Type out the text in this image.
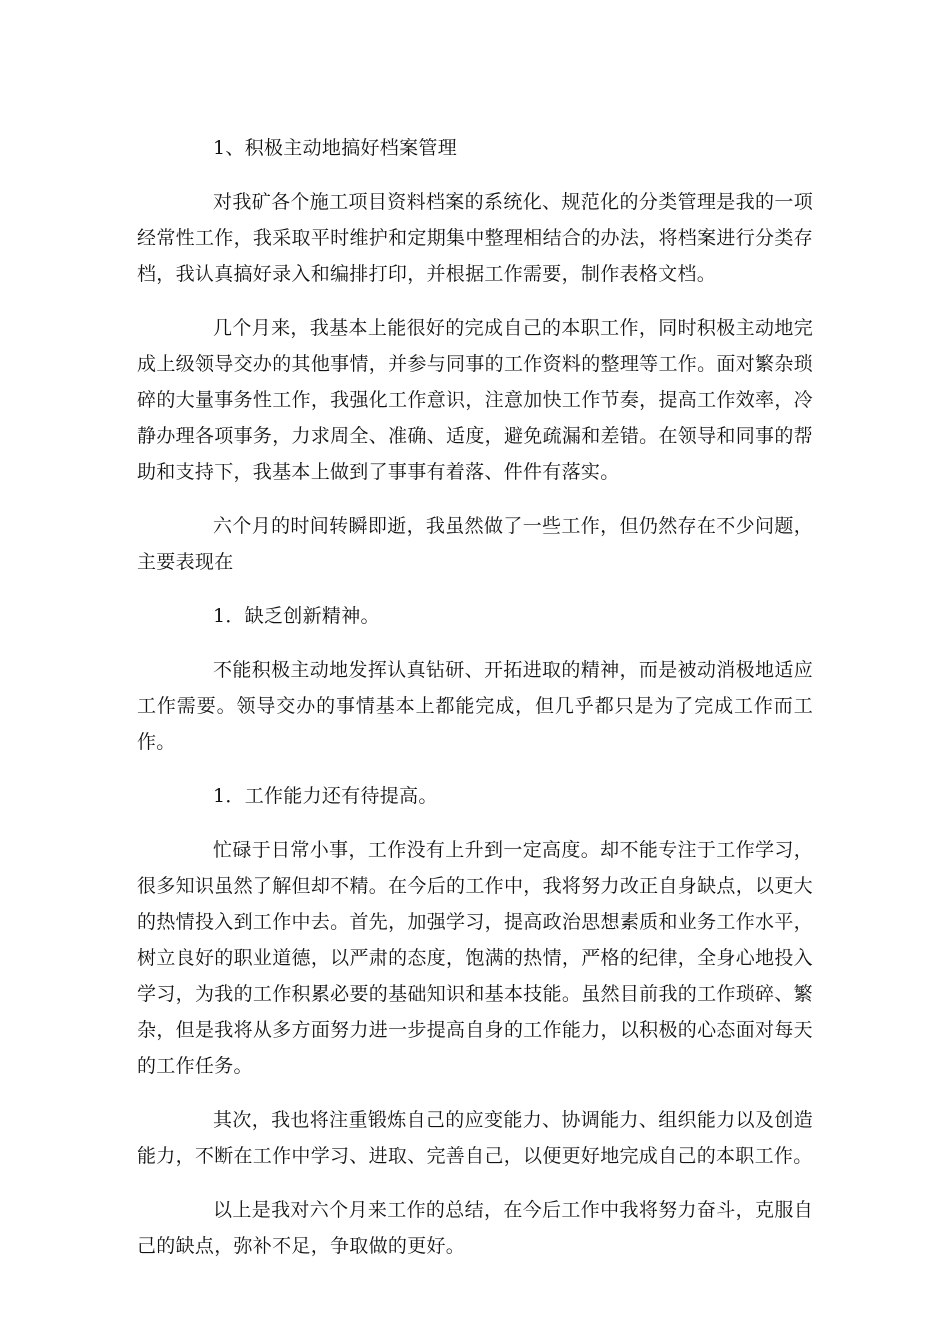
1、积极主动地搞好档案管理

对我矿各个施工项目资料档案的系统化、规范化的分类管理是我的一项经常性工作，我采取平时维护和定期集中整理相结合的办法，将档案进行分类存档，我认真搞好录入和编排打印，并根据工作需要，制作表格文档。

几个月来，我基本上能很好的完成自己的本职工作，同时积极主动地完成上级领导交办的其他事情，并参与同事的工作资料的整理等工作。面对繁杂琐碎的大量事务性工作，我强化工作意识，注意加快工作节奏，提高工作效率，冷静办理各项事务，力求周全、准确、适度，避免疏漏和差错。在领导和同事的帮助和支持下，我基本上做到了事事有着落、件件有落实。

六个月的时间转瞬即逝，我虽然做了一些工作，但仍然存在不少问题，主要表现在

1．缺乏创新精神。

不能积极主动地发挥认真钻研、开拓进取的精神，而是被动消极地适应工作需要。领导交办的事情基本上都能完成，但几乎都只是为了完成工作而工作。

1．工作能力还有待提高。

忙碌于日常小事，工作没有上升到一定高度。却不能专注于工作学习，很多知识虽然了解但却不精。在今后的工作中，我将努力改正自身缺点，以更大的热情投入到工作中去。首先，加强学习，提高政治思想素质和业务工作水平，树立良好的职业道德，以严肃的态度，饱满的热情，严格的纪律，全身心地投入学习，为我的工作积累必要的基础知识和基本技能。虽然目前我的工作琐碎、繁杂，但是我将从多方面努力进一步提高自身的工作能力，以积极的心态面对每天的工作任务。

其次，我也将注重锻炼自己的应变能力、协调能力、组织能力以及创造能力，不断在工作中学习、进取、完善自己，以便更好地完成自己的本职工作。

以上是我对六个月来工作的总结，在今后工作中我将努力奋斗，克服自己的缺点，弥补不足，争取做的更好。
